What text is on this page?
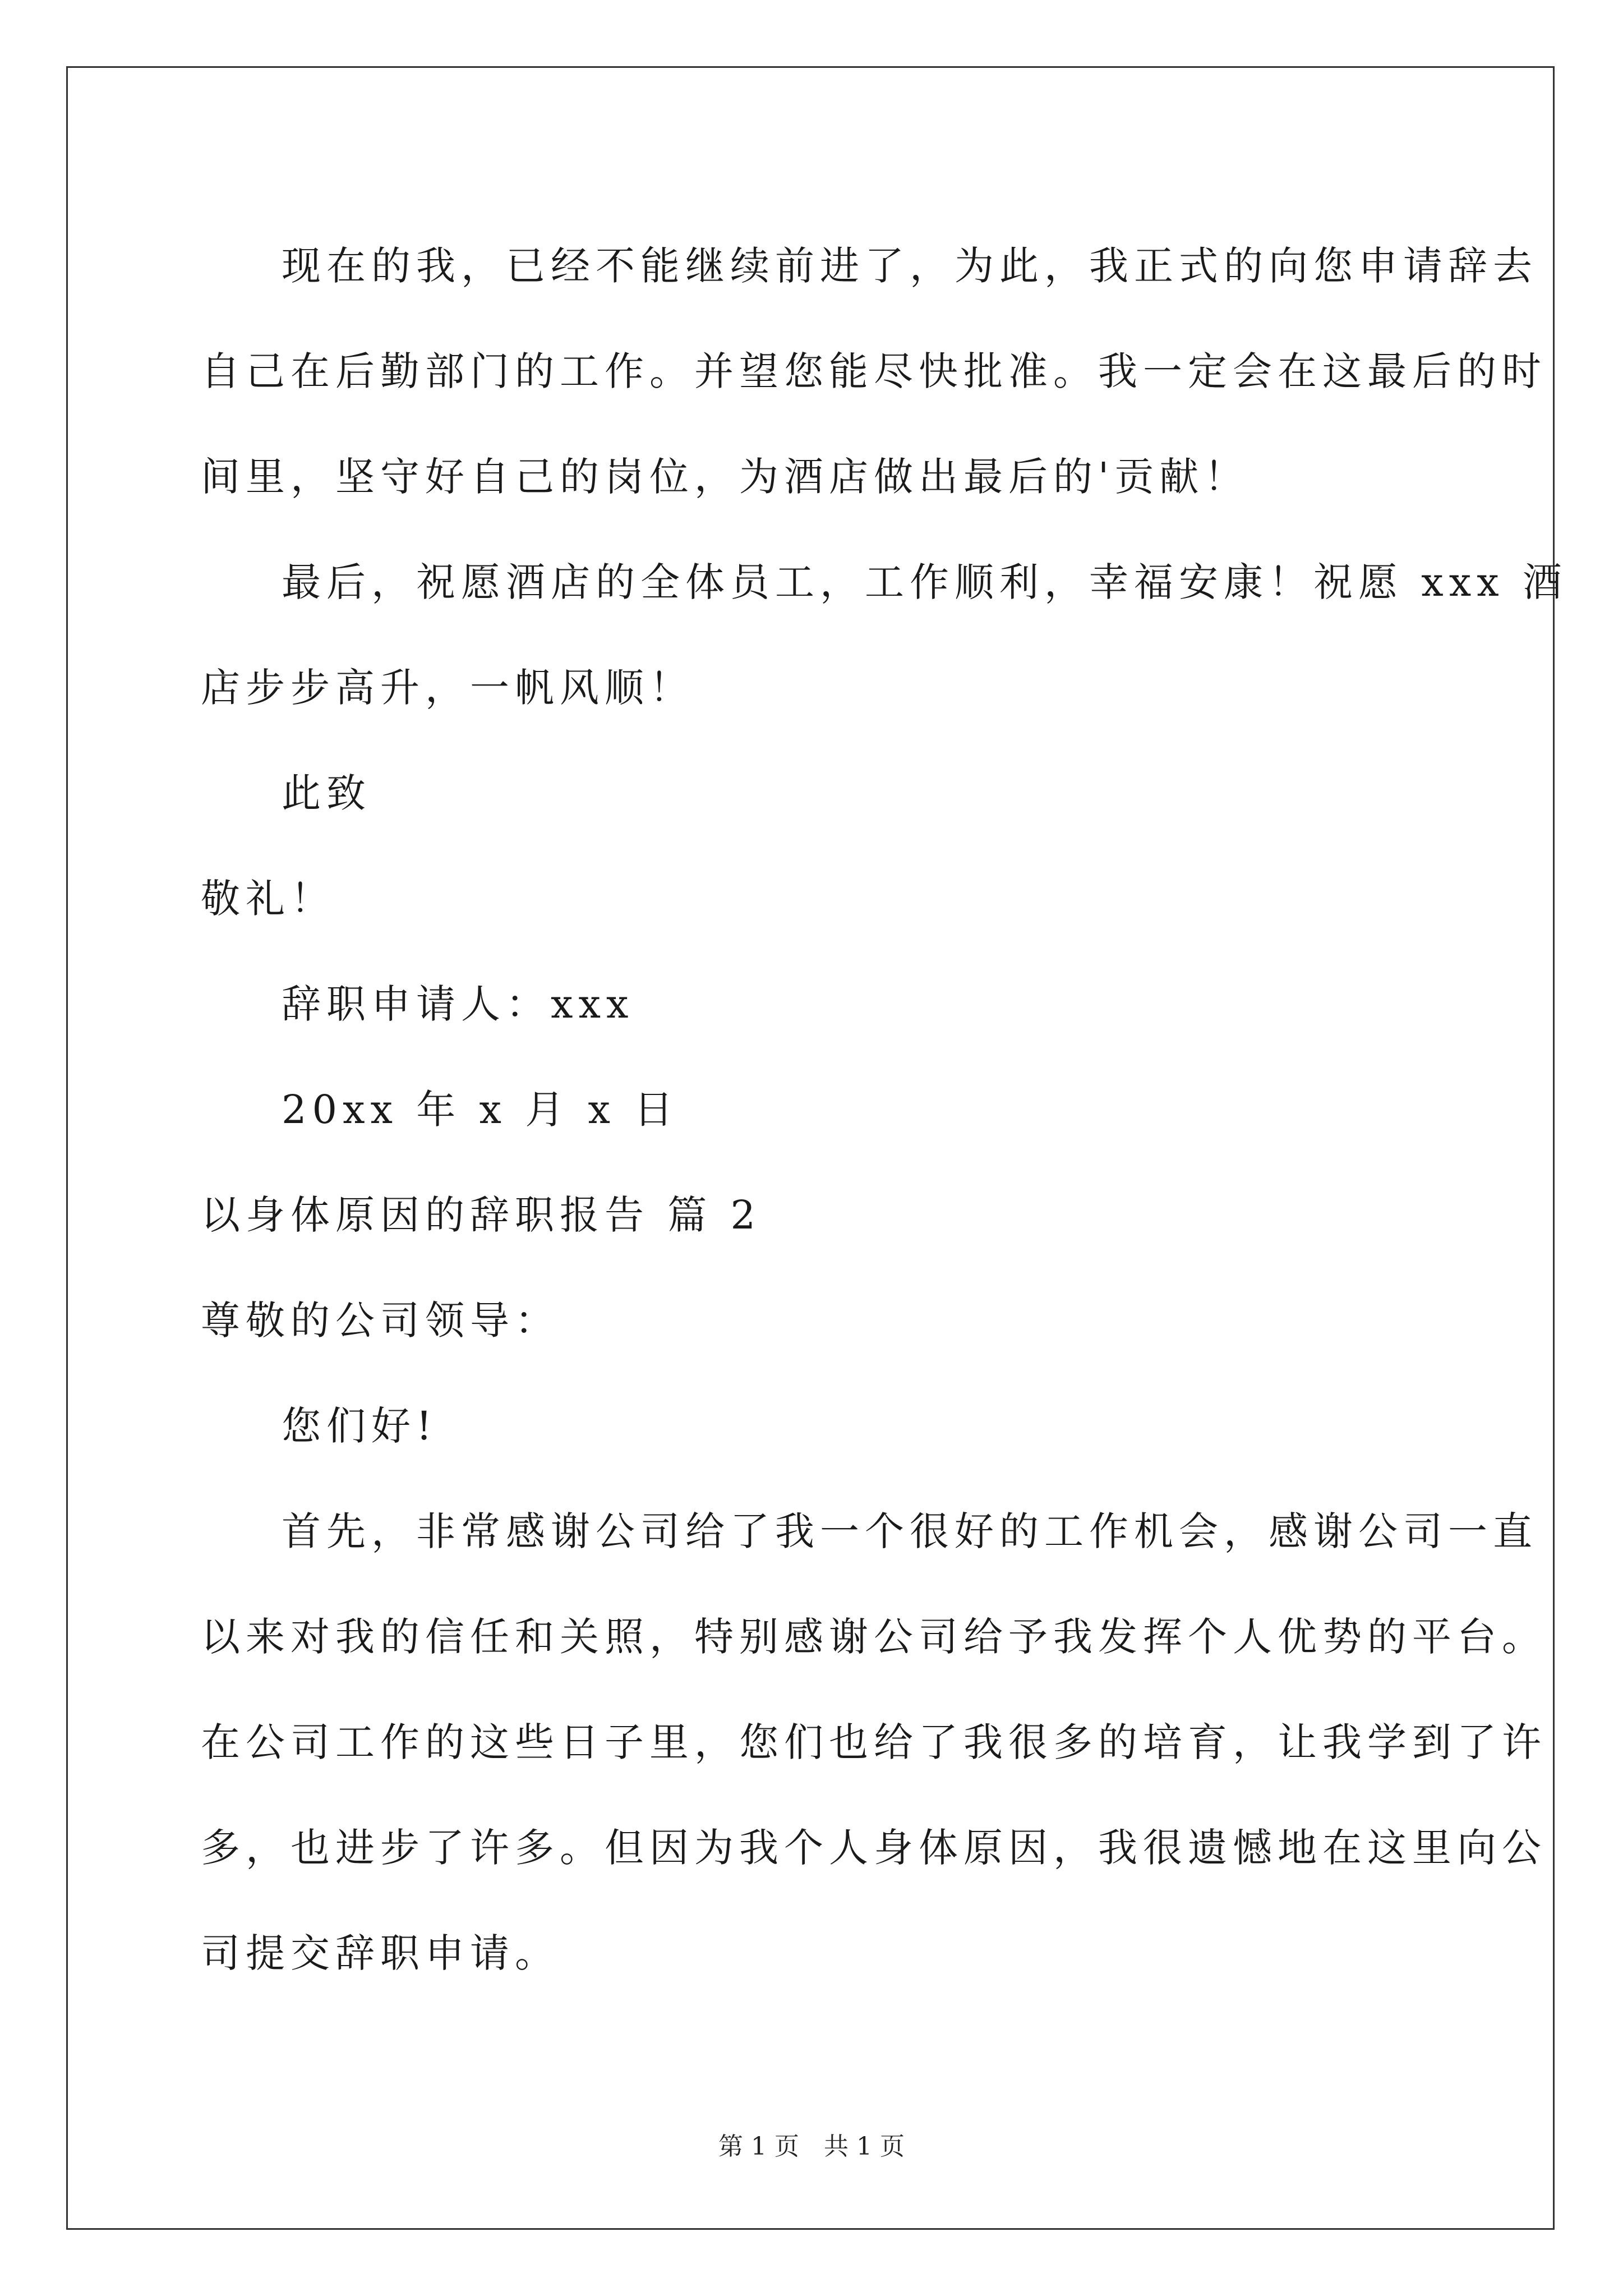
现在的我，已经不能继续前进了，为此，我正式的向您申请辞去

自己在后勤部门的工作。并望您能尽快批准。我一定会在这最后的时

间里，坚守好自己的岗位，为酒店做出最后的'贡献！

最后，祝愿酒店的全体员工，工作顺利，幸福安康！祝愿 xxx 酒

店步步高升，一帆风顺！

此致

敬礼！

辞职申请人：xxx

20xx 年 x 月 x 日

以身体原因的辞职报告 篇 2

尊敬的公司领导：

您们好!

首先，非常感谢公司给了我一个很好的工作机会，感谢公司一直

以来对我的信任和关照，特别感谢公司给予我发挥个人优势的平台。

在公司工作的这些日子里，您们也给了我很多的培育，让我学到了许

多，也进步了许多。但因为我个人身体原因，我很遗憾地在这里向公

司提交辞职申请。

第 1 页　共 1 页
